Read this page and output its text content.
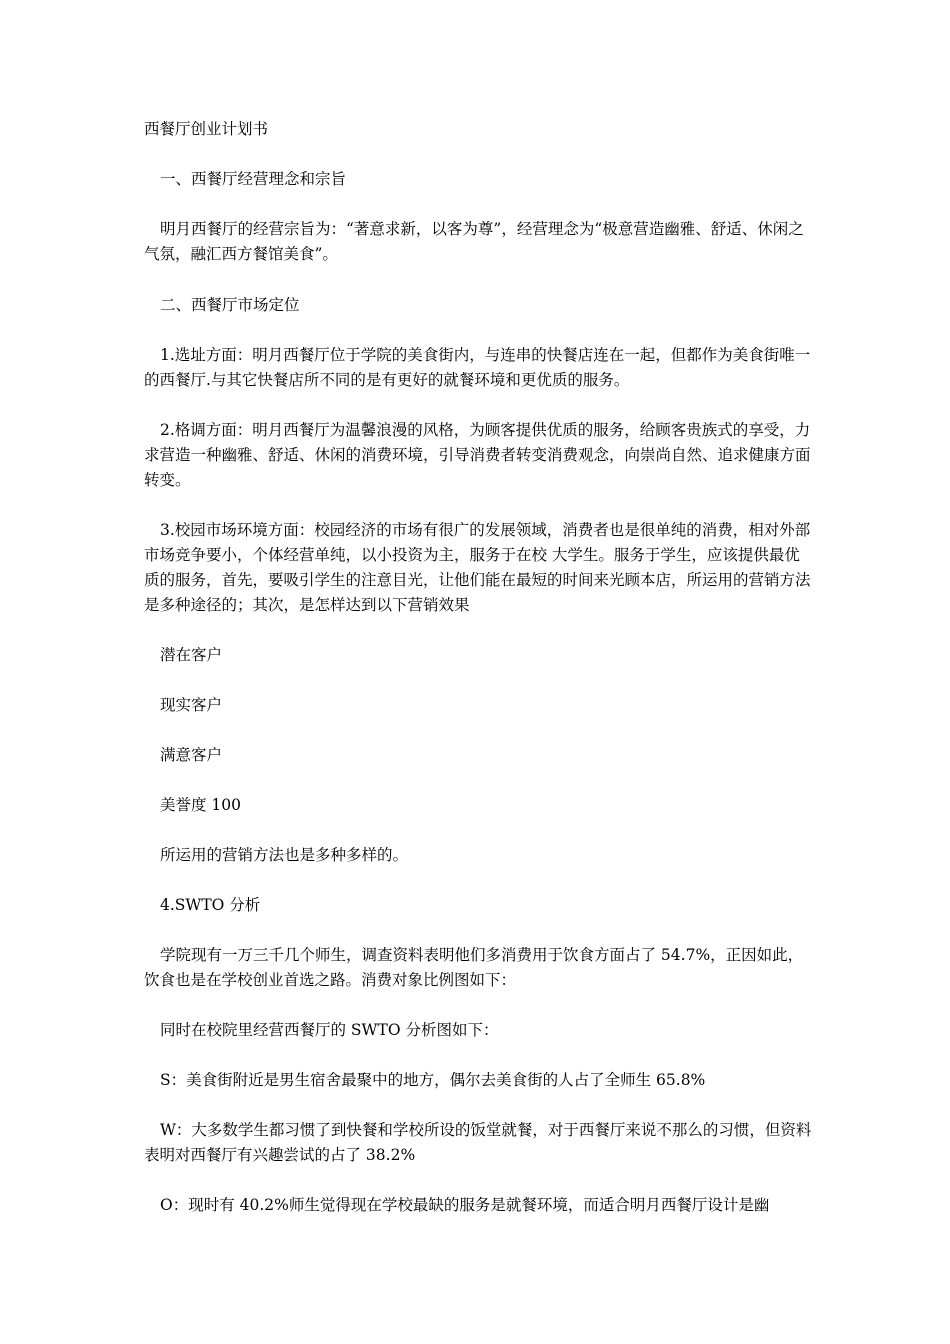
西餐厅创业计划书

一、西餐厅经营理念和宗旨

明月西餐厅的经营宗旨为：“著意求新，以客为尊”，经营理念为“极意营造幽雅、舒适、休闲之气氛，融汇西方餐馆美食”。

二、西餐厅市场定位

1.选址方面：明月西餐厅位于学院的美食街内，与连串的快餐店连在一起，但都作为美食街唯一的西餐厅.与其它快餐店所不同的是有更好的就餐环境和更优质的服务。

2.格调方面：明月西餐厅为温馨浪漫的风格，为顾客提供优质的服务，给顾客贵族式的享受，力求营造一种幽雅、舒适、休闲的消费环境，引导消费者转变消费观念，向崇尚自然、追求健康方面转变。

3.校园市场环境方面：校园经济的市场有很广的发展领域，消费者也是很单纯的消费，相对外部市场竞争要小，个体经营单纯，以小投资为主，服务于在校 大学生。服务于学生，应该提供最优质的服务，首先，要吸引学生的注意目光，让他们能在最短的时间来光顾本店，所运用的营销方法是多种途径的；其次，是怎样达到以下营销效果

潜在客户

现实客户

满意客户

美誉度 100

所运用的营销方法也是多种多样的。

4.SWTO 分析

学院现有一万三千几个师生，调查资料表明他们多消费用于饮食方面占了 54.7%，正因如此，饮食也是在学校创业首选之路。消费对象比例图如下：

同时在校院里经营西餐厅的 SWTO 分析图如下：

S：美食街附近是男生宿舍最聚中的地方，偶尔去美食街的人占了全师生 65.8%

W：大多数学生都习惯了到快餐和学校所设的饭堂就餐，对于西餐厅来说不那么的习惯，但资料表明对西餐厅有兴趣尝试的占了 38.2%

O：现时有 40.2%师生觉得现在学校最缺的服务是就餐环境，而适合明月西餐厅设计是幽
